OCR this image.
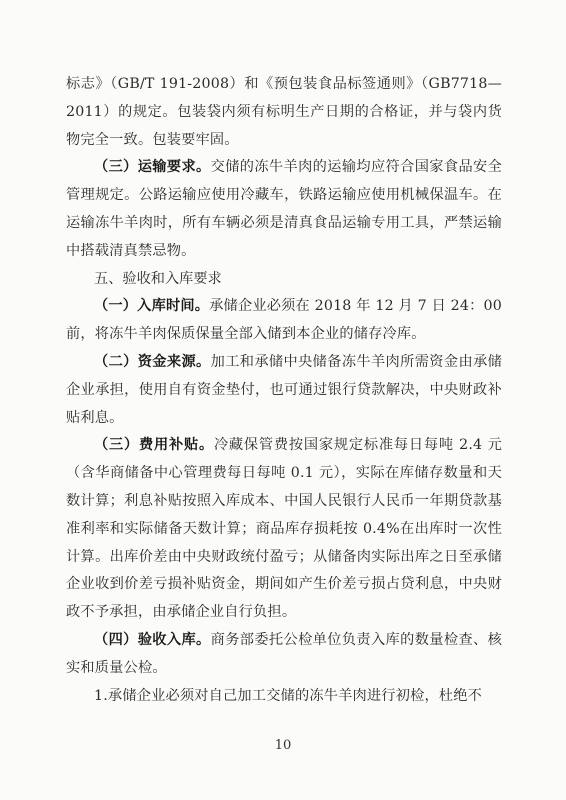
标志》（GB/T 191-2008）和《预包装食品标签通则》（GB7718—2011）的规定。包装袋内须有标明生产日期的合格证，并与袋内货物完全一致。包装要牢固。

（三）运输要求。交储的冻牛羊肉的运输均应符合国家食品安全管理规定。公路运输应使用冷藏车，铁路运输应使用机械保温车。在运输冻牛羊肉时，所有车辆必须是清真食品运输专用工具，严禁运输中搭载清真禁忌物。

五、验收和入库要求

（一）入库时间。承储企业必须在 2018 年 12 月 7 日 24：00前，将冻牛羊肉保质保量全部入储到本企业的储存冷库。

（二）资金来源。加工和承储中央储备冻牛羊肉所需资金由承储企业承担，使用自有资金垫付，也可通过银行贷款解决，中央财政补贴利息。

（三）费用补贴。冷藏保管费按国家规定标准每日每吨 2.4 元（含华商储备中心管理费每日每吨 0.1 元），实际在库储存数量和天数计算；利息补贴按照入库成本、中国人民银行人民币一年期贷款基准利率和实际储备天数计算；商品库存损耗按 0.4%在出库时一次性计算。出库价差由中央财政统付盈亏；从储备肉实际出库之日至承储企业收到价差亏损补贴资金，期间如产生价差亏损占贷利息，中央财政不予承担，由承储企业自行负担。

（四）验收入库。商务部委托公检单位负责入库的数量检查、核实和质量公检。

1.承储企业必须对自己加工交储的冻牛羊肉进行初检，杜绝不

10
